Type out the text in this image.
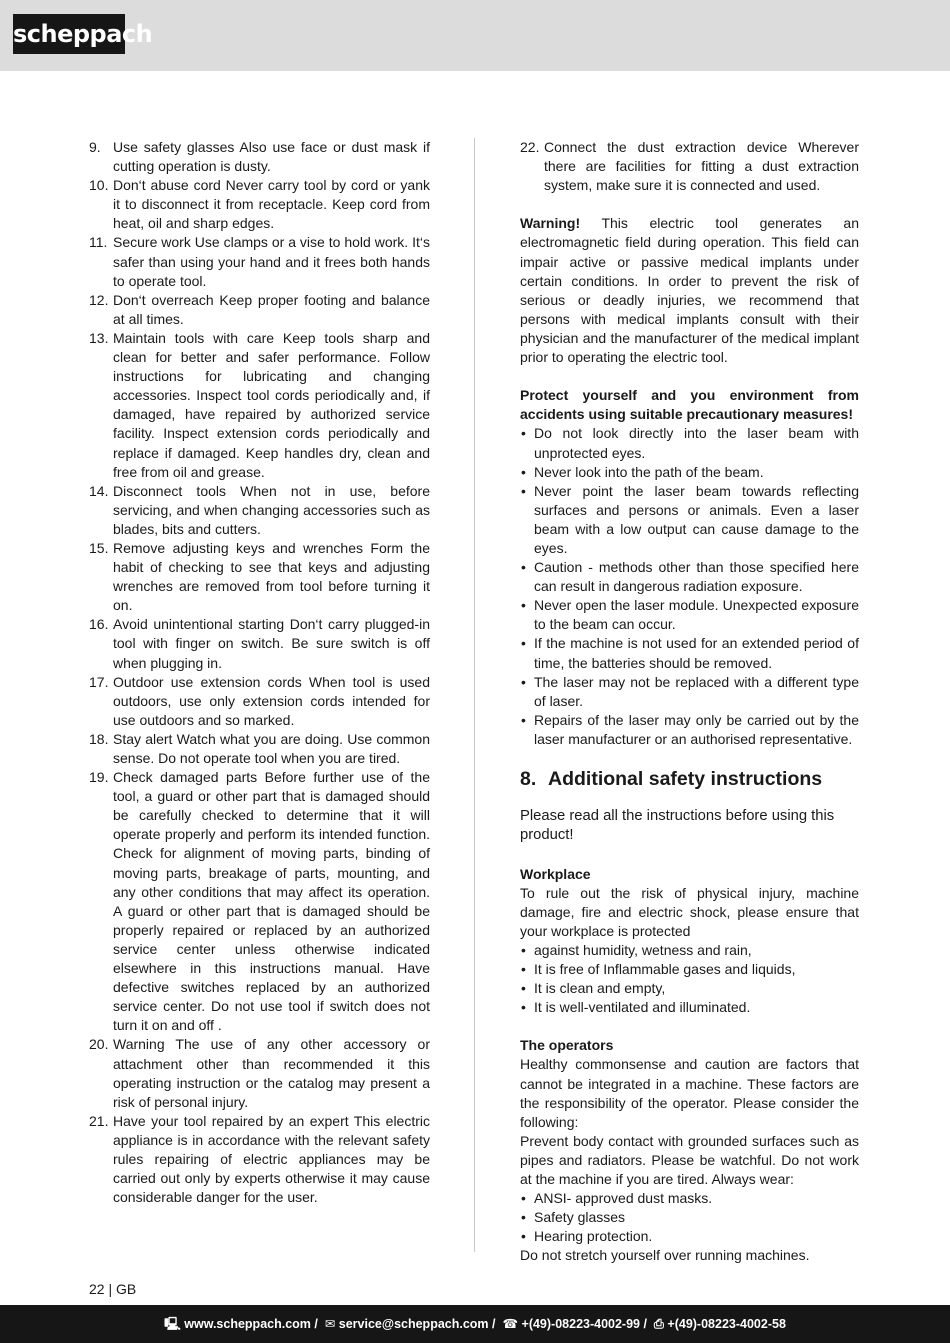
scheppach
9. Use safety glasses Also use face or dust mask if cutting operation is dusty.
10. Don‘t abuse cord Never carry tool by cord or yank it to disconnect it from receptacle. Keep cord from heat, oil and sharp edges.
11. Secure work Use clamps or a vise to hold work. It‘s safer than using your hand and it frees both hands to operate tool.
12. Don‘t overreach Keep proper footing and balance at all times.
13. Maintain tools with care Keep tools sharp and clean for better and safer performance. Follow instructions for lubricating and changing accessories. Inspect tool cords periodically and, if damaged, have repaired by authorized service facility. Inspect extension cords periodically and replace if damaged. Keep handles dry, clean and free from oil and grease.
14. Disconnect tools When not in use, before servicing, and when changing accessories such as blades, bits and cutters.
15. Remove adjusting keys and wrenches Form the habit of checking to see that keys and adjusting wrenches are removed from tool before turning it on.
16. Avoid unintentional starting Don‘t carry plugged-in tool with finger on switch. Be sure switch is off when plugging in.
17. Outdoor use extension cords When tool is used outdoors, use only extension cords intended for use outdoors and so marked.
18. Stay alert Watch what you are doing. Use common sense. Do not operate tool when you are tired.
19. Check damaged parts Before further use of the tool, a guard or other part that is damaged should be carefully checked to determine that it will operate properly and perform its intended function. Check for alignment of moving parts, binding of moving parts, breakage of parts, mounting, and any other conditions that may affect its operation. A guard or other part that is damaged should be properly repaired or replaced by an authorized service center unless otherwise indicated elsewhere in this instructions manual. Have defective switches replaced by an authorized service center. Do not use tool if switch does not turn it on and off .
20. Warning The use of any other accessory or attachment other than recommended it this operating instruction or the catalog may present a risk of personal injury.
21. Have your tool repaired by an expert This electric appliance is in accordance with the relevant safety rules repairing of electric appliances may be carried out only by experts otherwise it may cause considerable danger for the user.
22. Connect the dust extraction device Wherever there are facilities for fitting a dust extraction system, make sure it is connected and used.

Warning! This electric tool generates an electromagnetic field during operation. This field can impair active or passive medical implants under certain conditions. In order to prevent the risk of serious or deadly injuries, we recommend that persons with medical implants consult with their physician and the manufacturer of the medical implant prior to operating the electric tool.

Protect yourself and you environment from accidents using suitable precautionary measures!

• Do not look directly into the laser beam with unprotected eyes.
• Never look into the path of the beam.
• Never point the laser beam towards reflecting surfaces and persons or animals. Even a laser beam with a low output can cause damage to the eyes.
• Caution - methods other than those specified here can result in dangerous radiation exposure.
• Never open the laser module. Unexpected exposure to the beam can occur.
• If the machine is not used for an extended period of time, the batteries should be removed.
• The laser may not be replaced with a different type of laser.
• Repairs of the laser may only be carried out by the laser manufacturer or an authorised representative.
8. Additional safety instructions

Please read all the instructions before using this product!

Workplace

To rule out the risk of physical injury, machine damage, fire and electric shock, please ensure that your workplace is protected

• against humidity, wetness and rain,
• It is free of Inflammable gases and liquids,
• It is clean and empty,
• It is well-ventilated and illuminated.

The operators

Healthy commonsense and caution are factors that cannot be integrated in a machine. These factors are the responsibility of the operator. Please consider the following:

Prevent body contact with grounded surfaces such as pipes and radiators. Please be watchful. Do not work at the machine if you are tired. Always wear:

• ANSI- approved dust masks.
• Safety glasses
• Hearing protection.

Do not stretch yourself over running machines.

22 | GB
🖳︎ www.scheppach.com / ✉︎ service@scheppach.com / ☎︎ +(49)-08223-4002-99 / ⎙ +(49)-08223-4002-58
